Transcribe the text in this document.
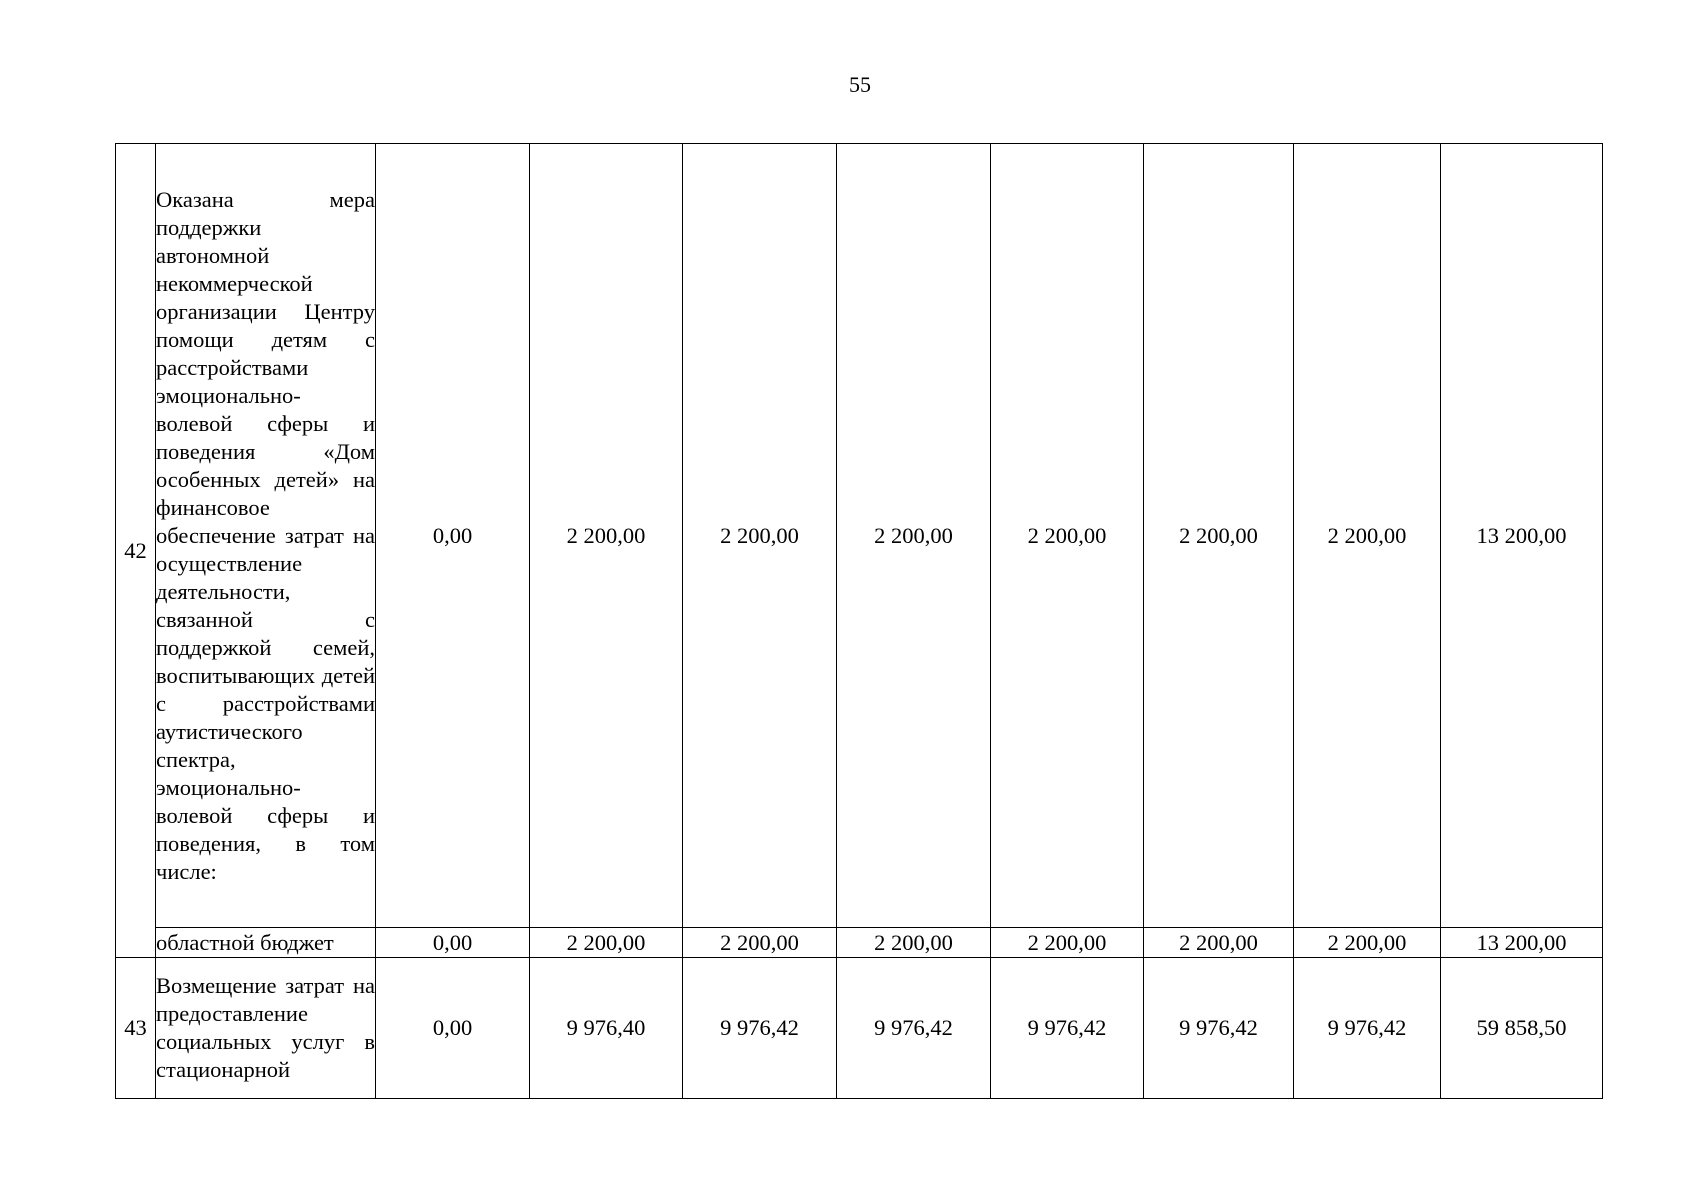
55
42	Оказана мера поддержки автономной некоммерческой организации Центру помощи детям с расстройствами эмоционально-волевой сферы и поведения «Дом особенных детей» на финансовое обеспечение затрат на осуществление деятельности, связанной с поддержкой семей, воспитывающих детей с расстройствами аутистического спектра, эмоционально-волевой сферы и поведения, в том числе:	0,00	2 200,00	2 200,00	2 200,00	2 200,00	2 200,00	2 200,00	13 200,00
	областной бюджет	0,00	2 200,00	2 200,00	2 200,00	2 200,00	2 200,00	2 200,00	13 200,00
43	Возмещение затрат на предоставление социальных услуг в стационарной	0,00	9 976,40	9 976,42	9 976,42	9 976,42	9 976,42	9 976,42	59 858,50
